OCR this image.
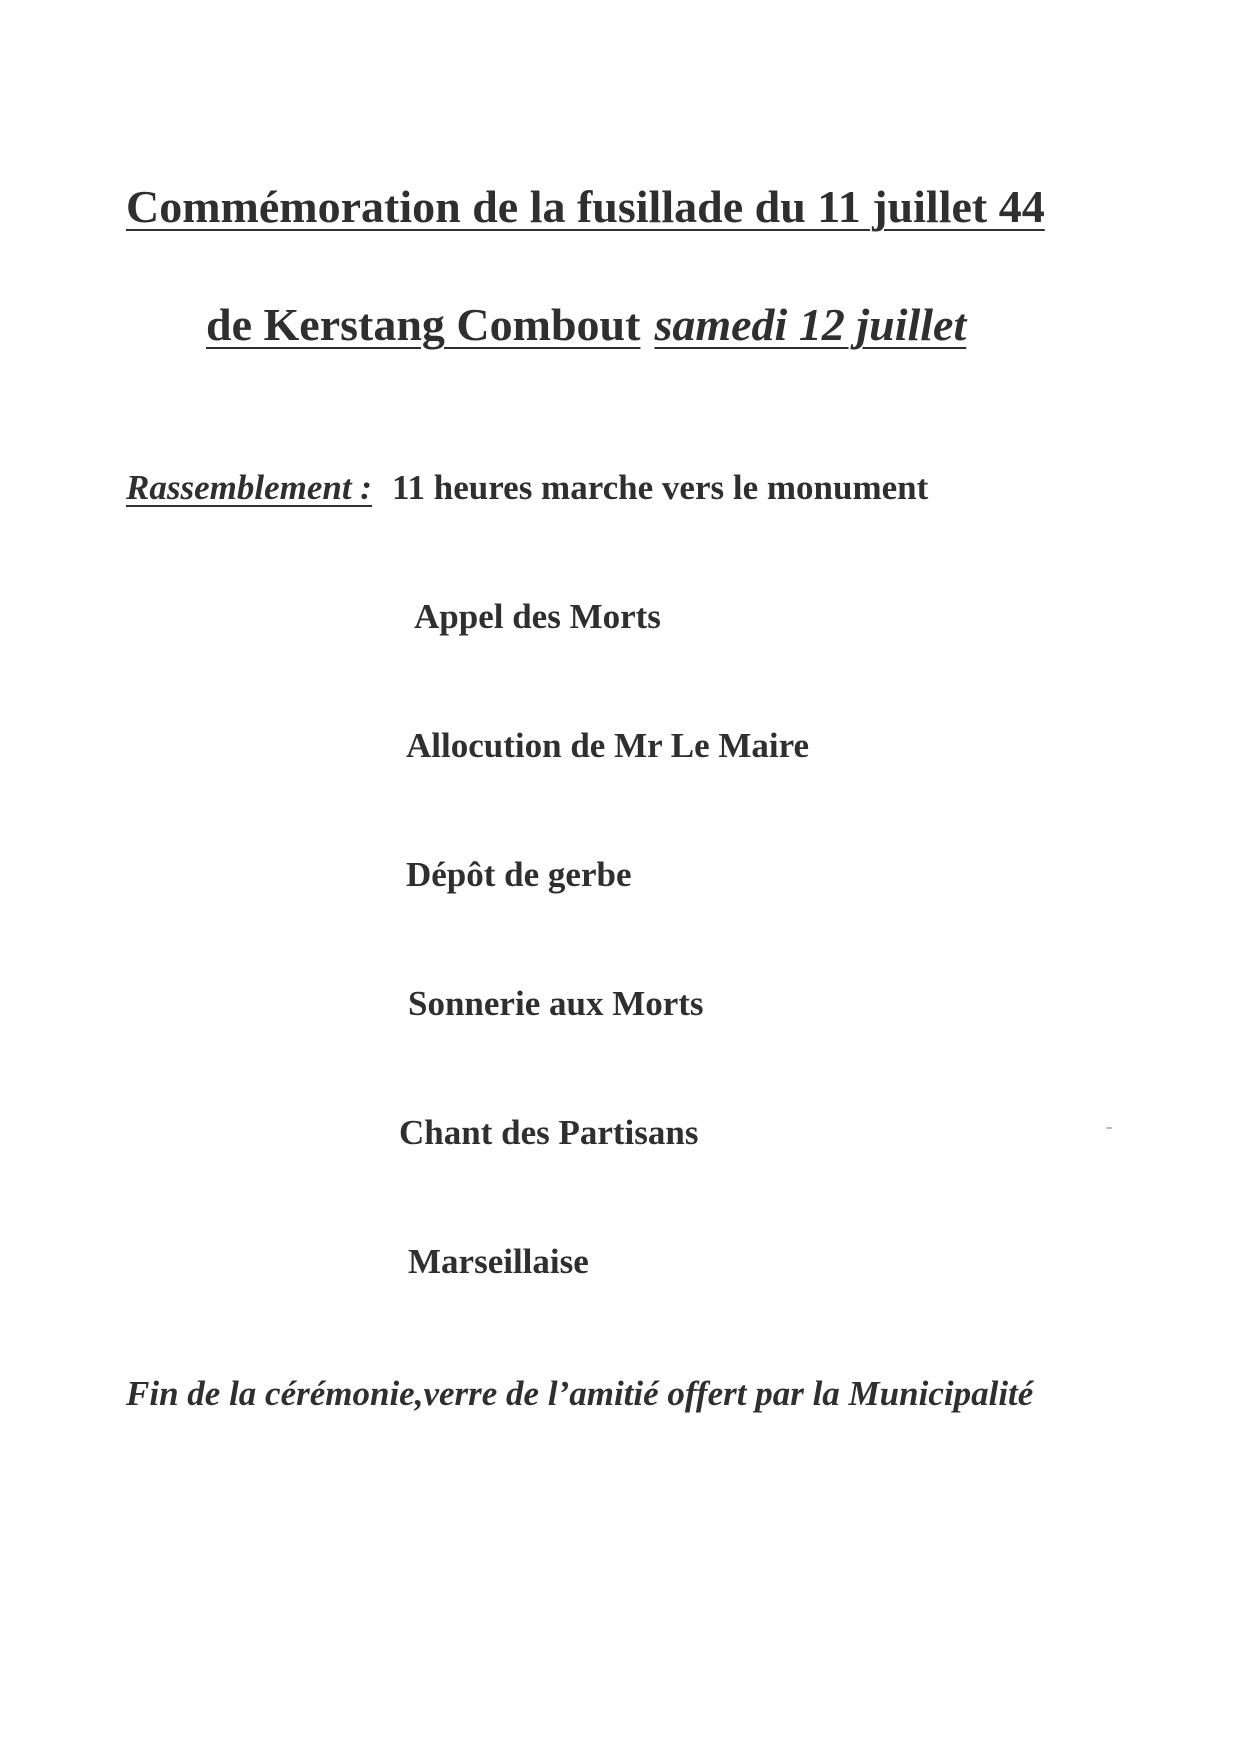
Commémoration de la fusillade du 11 juillet 44
de Kerstang Combout samedi 12 juillet

Rassemblement : 11 heures marche vers le monument

Appel des Morts

Allocution de Mr Le Maire

Dépôt de gerbe

Sonnerie aux Morts

Chant des Partisans

Marseillaise

Fin de la cérémonie,verre de l’amitié offert par la Municipalité
